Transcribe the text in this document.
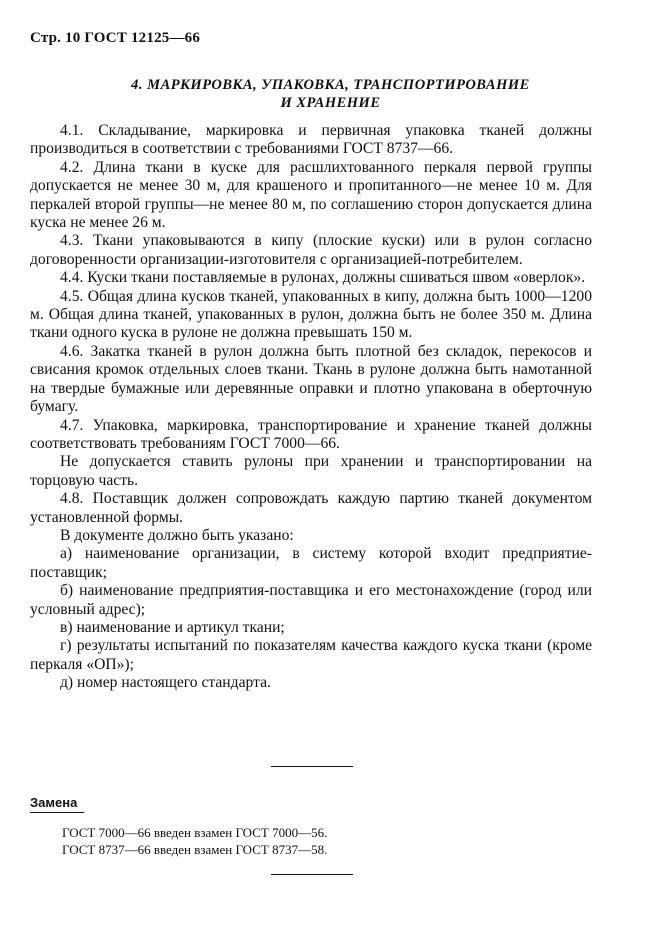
Стр. 10 ГОСТ 12125—66
4. МАРКИРОВКА, УПАКОВКА, ТРАНСПОРТИРОВАНИЕ
И ХРАНЕНИЕ

4.1. Складывание, маркировка и первичная упаковка тканей должны производиться в соответствии с требованиями ГОСТ 8737—66.

4.2. Длина ткани в куске для расшлихтованного перкаля первой группы допускается не менее 30 м, для крашеного и пропитанного—не менее 10 м. Для перкалей второй группы—не менее 80 м, по соглашению сторон допускается длина куска не менее 26 м.

4.3. Ткани упаковываются в кипу (плоские куски) или в рулон согласно договоренности организации-изготовителя с организацией-потребителем.

4.4. Куски ткани поставляемые в рулонах, должны сшиваться швом «оверлок».

4.5. Общая длина кусков тканей, упакованных в кипу, должна быть 1000—1200 м. Общая длина тканей, упакованных в рулон, должна быть не более 350 м. Длина ткани одного куска в рулоне не должна превышать 150 м.

4.6. Закатка тканей в рулон должна быть плотной без складок, перекосов и свисания кромок отдельных слоев ткани. Ткань в рулоне должна быть намотанной на твердые бумажные или деревянные оправки и плотно упакована в оберточную бумагу.

4.7. Упаковка, маркировка, транспортирование и хранение тканей должны соответствовать требованиям ГОСТ 7000—66.

Не допускается ставить рулоны при хранении и транспортировании на торцовую часть.

4.8. Поставщик должен сопровождать каждую партию тканей документом установленной формы.

В документе должно быть указано:

а) наименование организации, в систему которой входит предприятие-поставщик;

б) наименование предприятия-поставщика и его местонахождение (город или условный адрес);

в) наименование и артикул ткани;

г) результаты испытаний по показателям качества каждого куска ткани (кроме перкаля «ОП»);

д) номер настоящего стандарта.

Замена
ГОСТ 7000—66 введен взамен ГОСТ 7000—56.
ГОСТ 8737—66 введен взамен ГОСТ 8737—58.
